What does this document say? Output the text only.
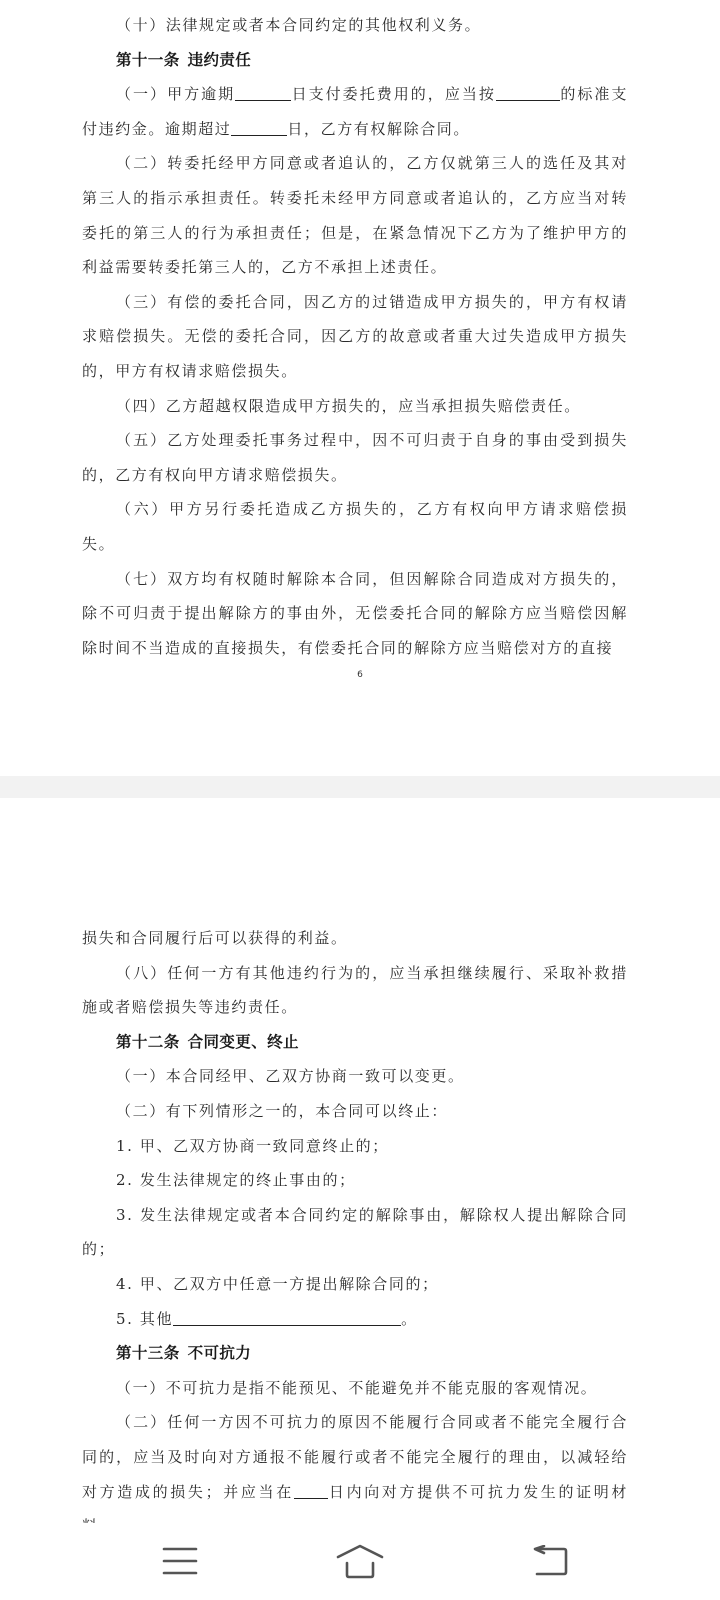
（十）法律规定或者本合同约定的其他权利义务。

第十一条 违约责任

（一）甲方逾期	日支付委托费用的，应当按	的标准支付违约金。逾期超过	日，乙方有权解除合同。

（二）转委托经甲方同意或者追认的，乙方仅就第三人的选任及其对第三人的指示承担责任。转委托未经甲方同意或者追认的，乙方应当对转委托的第三人的行为承担责任；但是，在紧急情况下乙方为了维护甲方的利益需要转委托第三人的，乙方不承担上述责任。

（三）有偿的委托合同，因乙方的过错造成甲方损失的，甲方有权请求赔偿损失。无偿的委托合同，因乙方的故意或者重大过失造成甲方损失的，甲方有权请求赔偿损失。

（四）乙方超越权限造成甲方损失的，应当承担损失赔偿责任。

（五）乙方处理委托事务过程中，因不可归责于自身的事由受到损失的，乙方有权向甲方请求赔偿损失。

（六）甲方另行委托造成乙方损失的，乙方有权向甲方请求赔偿损失。

（七）双方均有权随时解除本合同，但因解除合同造成对方损失的，除不可归责于提出解除方的事由外，无偿委托合同的解除方应当赔偿因解除时间不当造成的直接损失，有偿委托合同的解除方应当赔偿对方的直接

6

损失和合同履行后可以获得的利益。

（八）任何一方有其他违约行为的，应当承担继续履行、采取补救措施或者赔偿损失等违约责任。

第十二条 合同变更、终止

（一）本合同经甲、乙双方协商一致可以变更。

（二）有下列情形之一的，本合同可以终止：

1. 甲、乙双方协商一致同意终止的；

2. 发生法律规定的终止事由的；

3. 发生法律规定或者本合同约定的解除事由，解除权人提出解除合同的；

4. 甲、乙双方中任意一方提出解除合同的；

5. 其他	。

第十三条 不可抗力

（一）不可抗力是指不能预见、不能避免并不能克服的客观情况。

（二）任何一方因不可抗力的原因不能履行合同或者不能完全履行合同的，应当及时向对方通报不能履行或者不能完全履行的理由，以减轻给对方造成的损失；并应当在 日内向对方提供不可抗力发生的证明材
